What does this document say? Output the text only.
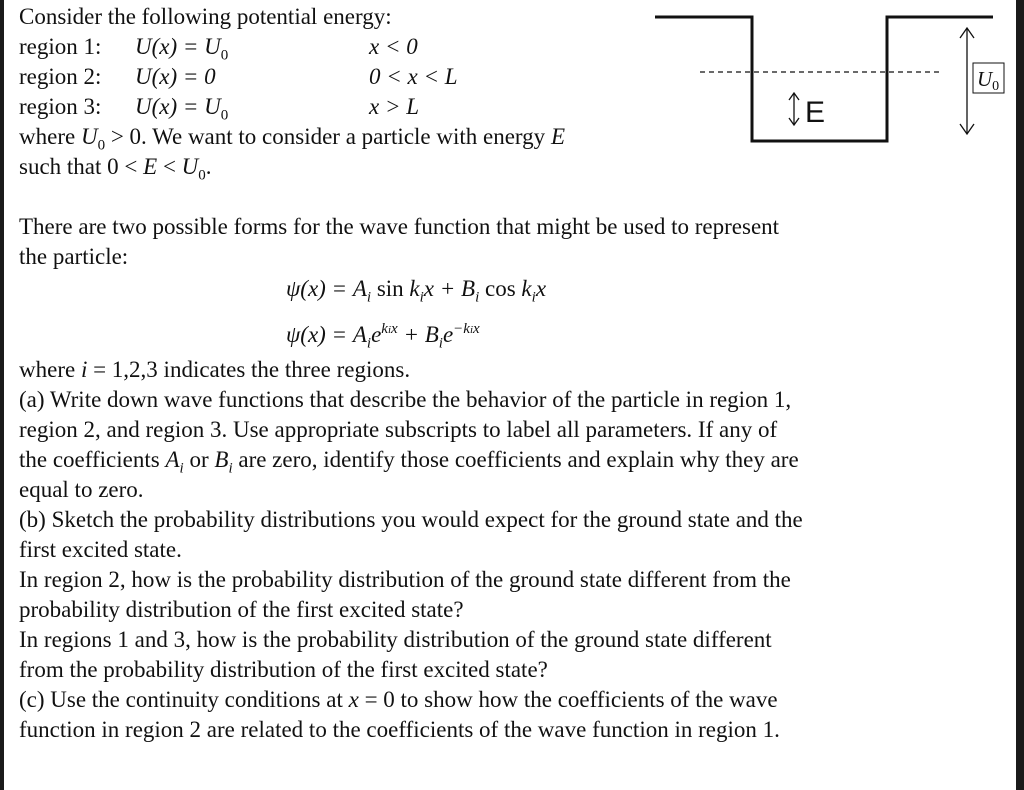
E
U0
Consider the following potential energy:
region 1: $U(x) = U_0$	x < 0
region 2: U(x) = 0	0 < x < L
region 3: $U(x) = U_0$	x > L
where $U_0 > 0$. We want to consider a particle with energy E
such that $0 < E < U_0$.
There are two possible forms for the wave function that might be used to represent
the particle:
$\psi(x) = A_i$ $\sin k_ix + B_i$ $\cos k_ix$
$\psi(x) = A_ie^{kix} + B_ie^{-kix}$
where i = 1,2,3 indicates the three regions.
(a) Write down wave functions that describe the behavior of the particle in region 1,
region 2, and region 3. Use appropriate subscripts to label all parameters. If any of
the coefficients $A_i$ or $B_i$ are zero, identify those coefficients and explain why they are
equal to zero.
(b) Sketch the probability distributions you would expect for the ground state and the
first excited state.
In region 2, how is the probability distribution of the ground state different from the
probability distribution of the first excited state?
In regions 1 and 3, how is the probability distribution of the ground state different
from the probability distribution of the first excited state?
(c) Use the continuity conditions at x = 0 to show how the coefficients of the wave
function in region 2 are related to the coefficients of the wave function in region 1.
